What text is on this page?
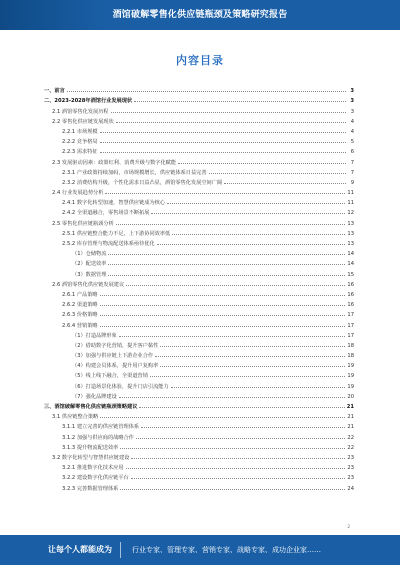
酒馆破解零售化供应链瓶颈及策略研究报告
内容目录
一、前言	3
二、2023-2028年酒馆行业发展现状	3
2.1 酒馆零售化发展历程	3
2.2 零售化供应链发展现状	4
2.2.1 市场规模	4
2.2.2 竞争格局	5
2.2.3 需求特征	6
2.3 发展驱动因素：政策红利、消费升级与数字化赋能	7
2.3.1 产业政策持续加码，市场规模增长，供应链体系日益完善	7
2.3.2 消费结构升级，个性化需求日益凸显，酒馆零售化发展空间广阔	9
2.4 行业发展趋势分析	11
2.4.1 数字化转型加速，智慧供应链成为核心	11
2.4.2 全渠道融合，零售场景不断拓展	12
2.5 零售化供应链瓶颈分析	13
2.5.1 供应链整合能力不足，上下游协同效率低	13
2.5.2 库存管理与物流配送体系亟待优化	13
（1）仓储物流	14
（2）配送效率	14
（3）数据管理	15
2.6 酒馆零售化供应链发展建议	16
2.6.1 产品策略	16
2.6.2 渠道策略	16
2.6.3 价格策略	17
2.6.4 营销策略	17
（1）打造品牌形象	17
（2）借助数字化营销，提升客户黏性	18
（3）加强与供应链上下游企业合作	18
（4）构建会员体系，提升用户复购率	19
（5）线上线下融合，全渠道营销	19
（6）打造场景化体验，提升门店引流能力	19
（7）强化品牌建设	20
三、酒馆破解零售化供应链瓶颈策略建议	21
3.1 供应链整合策略	21
3.1.1 建立完善的供应链管理体系	21
3.1.2 加强与供应商的战略合作	22
3.1.3 提升物流配送效率	22
3.2 数字化转型与智慧供应链建设	23
3.2.1 推进数字化技术应用	23
3.2.2 建设数字化供应链平台	23
3.2.3 完善数据管理体系	24
2
让每个人都能成为	行业专家、管理专家、营销专家、战略专家、成功企业家……
